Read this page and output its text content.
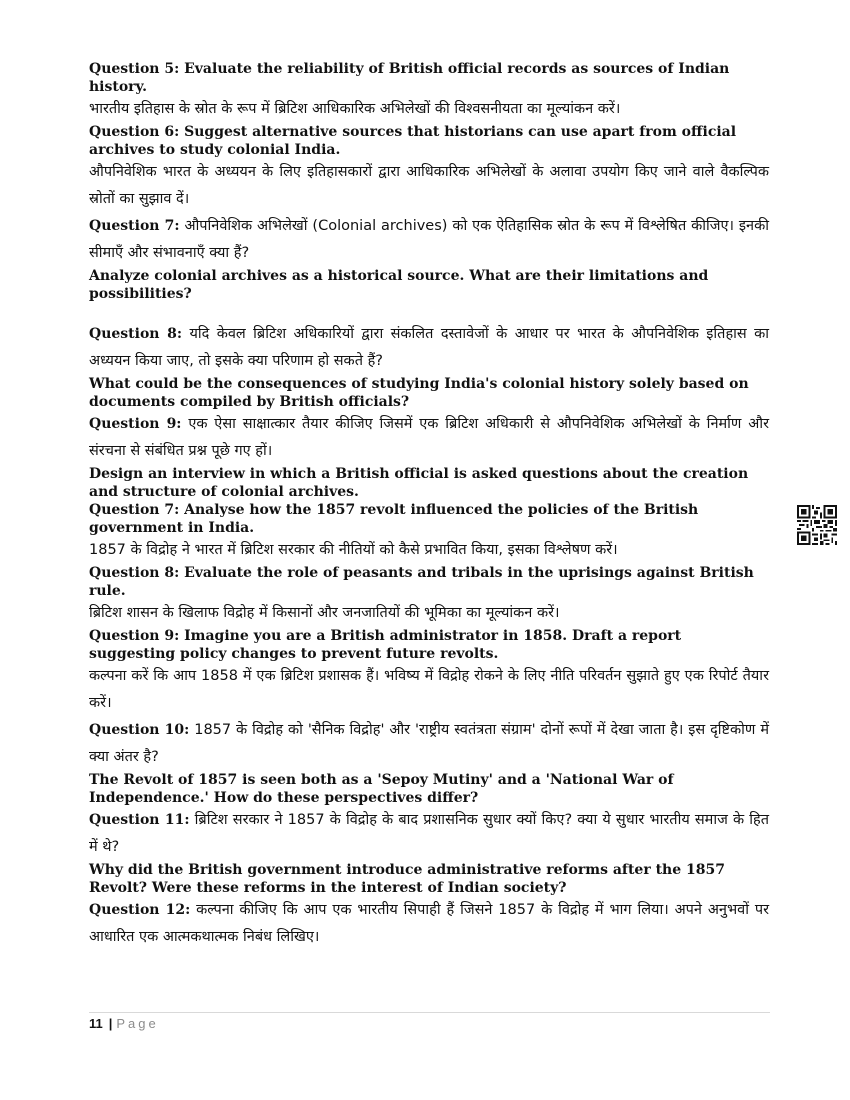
Question 5: Evaluate the reliability of British official records as sources of Indian history.

भारतीय इतिहास के स्रोत के रूप में ब्रिटिश आधिकारिक अभिलेखों की विश्वसनीयता का मूल्यांकन करें।

Question 6: Suggest alternative sources that historians can use apart from official archives to study colonial India.

औपनिवेशिक भारत के अध्ययन के लिए इतिहासकारों द्वारा आधिकारिक अभिलेखों के अलावा उपयोग किए जाने वाले वैकल्पिक स्रोतों का सुझाव दें।

Question 7: औपनिवेशिक अभिलेखों (Colonial archives) को एक ऐतिहासिक स्रोत के रूप में विश्लेषित कीजिए। इनकी सीमाएँ और संभावनाएँ क्या हैं?

Analyze colonial archives as a historical source. What are their limitations and possibilities?

Question 8: यदि केवल ब्रिटिश अधिकारियों द्वारा संकलित दस्तावेजों के आधार पर भारत के औपनिवेशिक इतिहास का अध्ययन किया जाए, तो इसके क्या परिणाम हो सकते हैं?

What could be the consequences of studying India's colonial history solely based on documents compiled by British officials?

Question 9: एक ऐसा साक्षात्कार तैयार कीजिए जिसमें एक ब्रिटिश अधिकारी से औपनिवेशिक अभिलेखों के निर्माण और संरचना से संबंधित प्रश्न पूछे गए हों।

Design an interview in which a British official is asked questions about the creation and structure of colonial archives.

Question 7: Analyse how the 1857 revolt influenced the policies of the British government in India.

1857 के विद्रोह ने भारत में ब्रिटिश सरकार की नीतियों को कैसे प्रभावित किया, इसका विश्लेषण करें।

Question 8: Evaluate the role of peasants and tribals in the uprisings against British rule.

ब्रिटिश शासन के खिलाफ विद्रोह में किसानों और जनजातियों की भूमिका का मूल्यांकन करें।

Question 9: Imagine you are a British administrator in 1858. Draft a report suggesting policy changes to prevent future revolts.

कल्पना करें कि आप 1858 में एक ब्रिटिश प्रशासक हैं। भविष्य में विद्रोह रोकने के लिए नीति परिवर्तन सुझाते हुए एक रिपोर्ट तैयार करें।

Question 10: 1857 के विद्रोह को 'सैनिक विद्रोह' और 'राष्ट्रीय स्वतंत्रता संग्राम' दोनों रूपों में देखा जाता है। इस दृष्टिकोण में क्या अंतर है?

The Revolt of 1857 is seen both as a 'Sepoy Mutiny' and a 'National War of Independence.' How do these perspectives differ?

Question 11: ब्रिटिश सरकार ने 1857 के विद्रोह के बाद प्रशासनिक सुधार क्यों किए? क्या ये सुधार भारतीय समाज के हित में थे?

Why did the British government introduce administrative reforms after the 1857 Revolt? Were these reforms in the interest of Indian society?

Question 12: कल्पना कीजिए कि आप एक भारतीय सिपाही हैं जिसने 1857 के विद्रोह में भाग लिया। अपने अनुभवों पर आधारित एक आत्मकथात्मक निबंध लिखिए।

11 | Page
